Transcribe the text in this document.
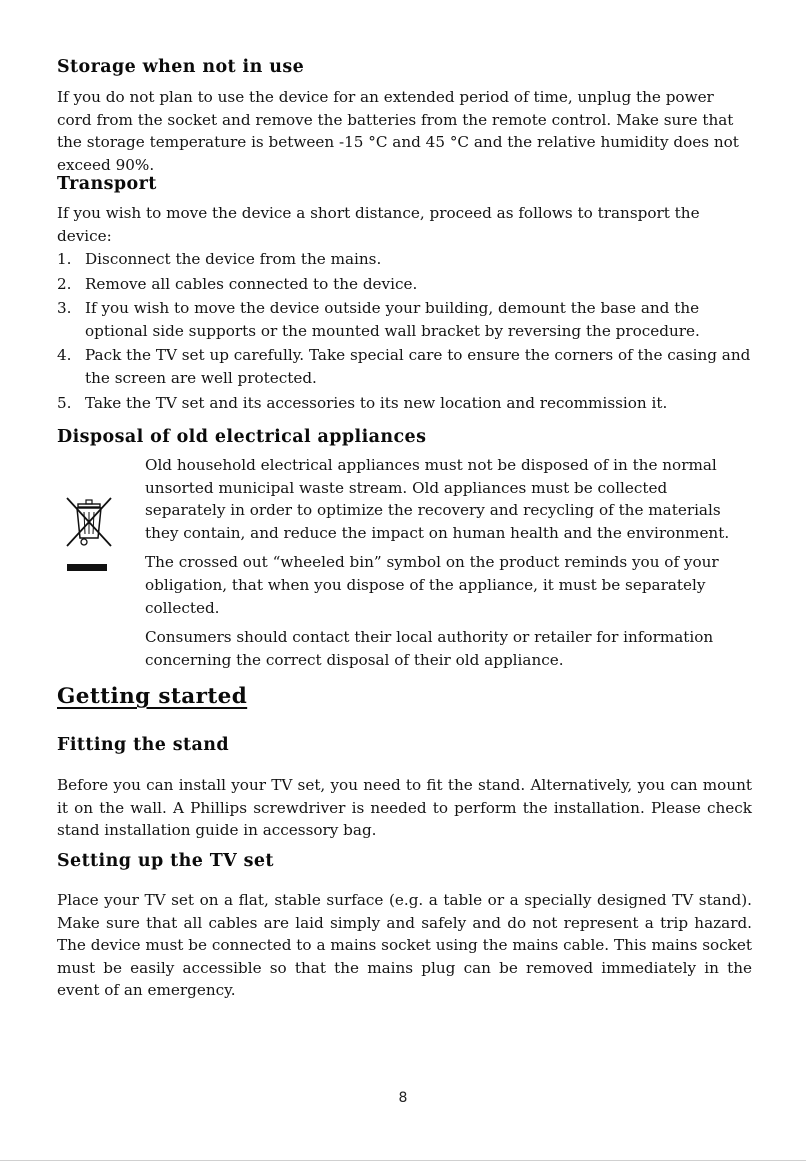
Storage when not in use

If you do not plan to use the device for an extended period of time, unplug the power cord from the socket and remove the batteries from the remote control. Make sure that the storage temperature is between -15 °C and 45 °C and the relative humidity does not exceed 90%.

Transport

If you wish to move the device a short distance, proceed as follows to transport the device:

1. Disconnect the device from the mains.
2. Remove all cables connected to the device.
3. If you wish to move the device outside your building, demount the base and the optional side supports or the mounted wall bracket by reversing the procedure.
4. Pack the TV set up carefully. Take special care to ensure the corners of the casing and the screen are well protected.
5. Take the TV set and its accessories to its new location and recommission it.
Disposal of old electrical appliances

Old household electrical appliances must not be disposed of in the normal unsorted municipal waste stream. Old appliances must be collected separately in order to optimize the recovery and recycling of the materials they contain, and reduce the impact on human health and the environment.

The crossed out “wheeled bin” symbol on the product reminds you of your obligation, that when you dispose of the appliance, it must be separately collected.

Consumers should contact their local authority or retailer for information concerning the correct disposal of their old appliance.

Getting started
Fitting the stand

Before you can install your TV set, you need to fit the stand. Alternatively, you can mount it on the wall. A Phillips screwdriver is needed to perform the installation. Please check stand installation guide in accessory bag.

Setting up the TV set

Place your TV set on a flat, stable surface (e.g. a table or a specially designed TV stand). Make sure that all cables are laid simply and safely and do not represent a trip hazard. The device must be connected to a mains socket using the mains cable. This mains socket must be easily accessible so that the mains plug can be removed immediately in the event of an emergency.

8
